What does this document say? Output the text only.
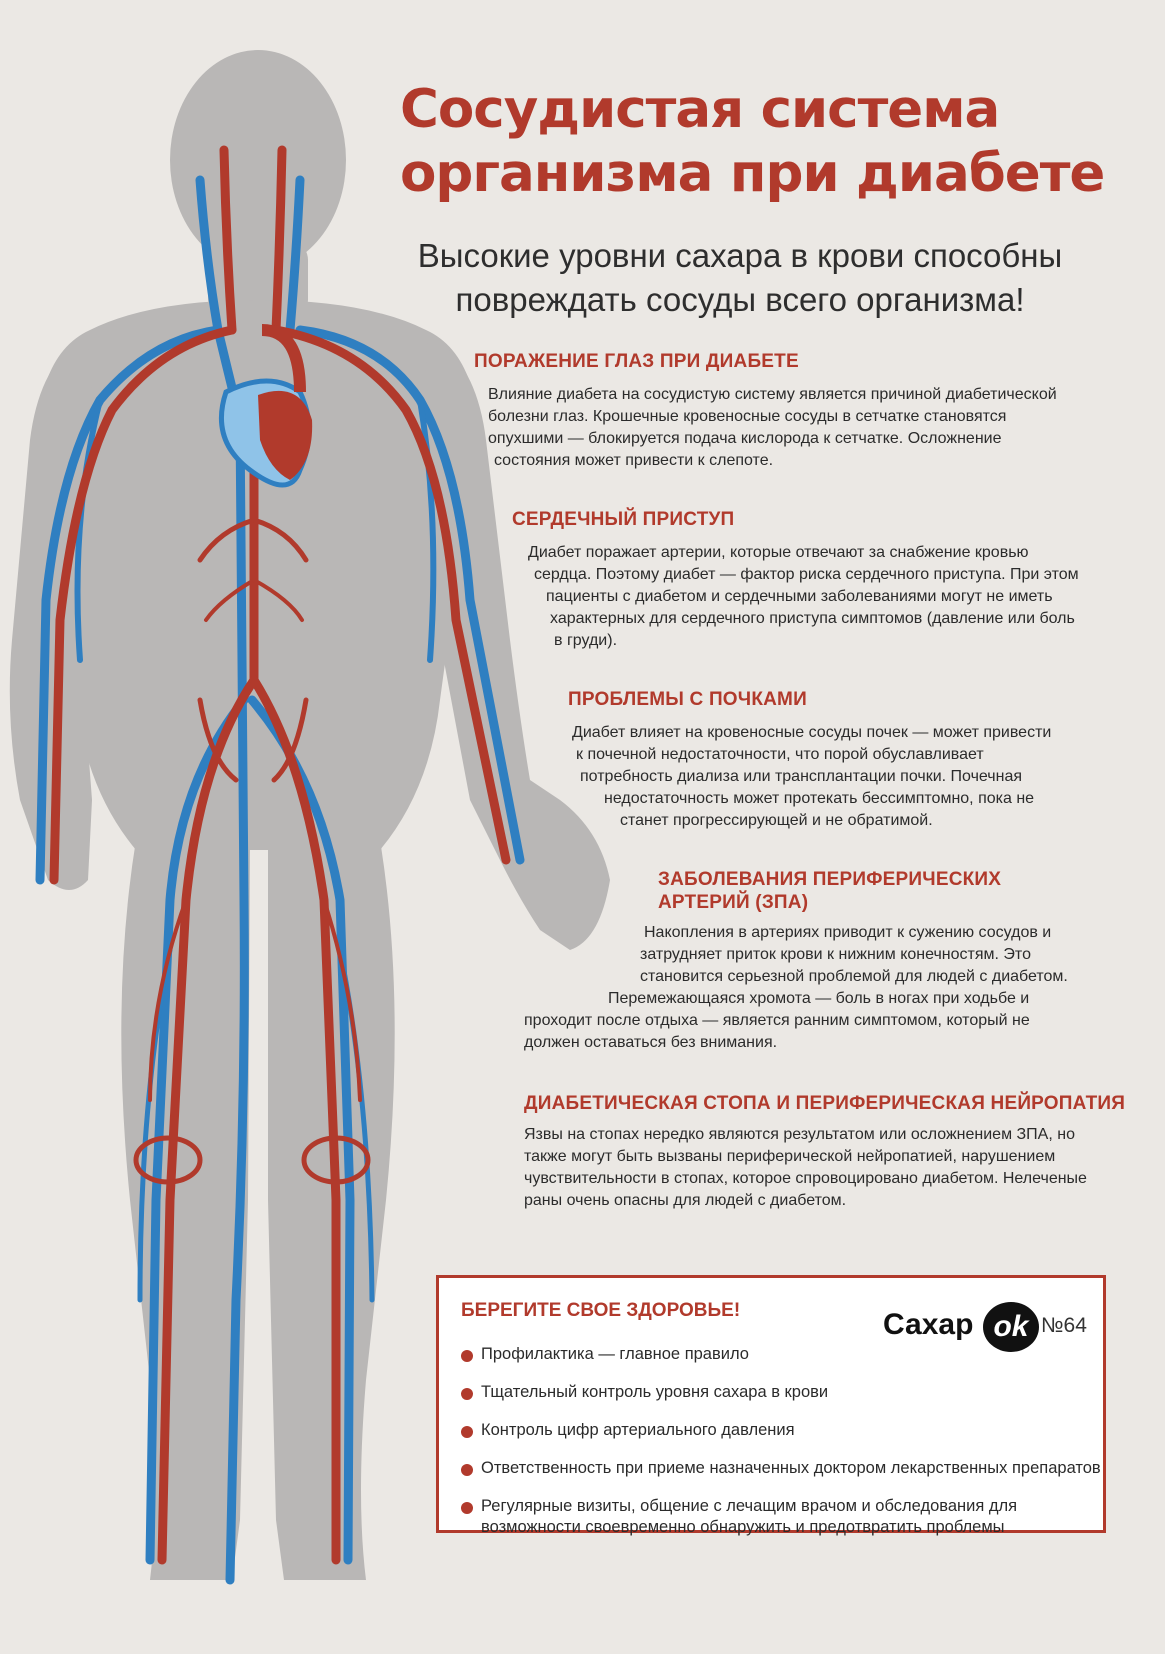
Сосудистая система
организма при диабете

Высокие уровни сахара в крови способны
повреждать сосуды всего организма!

ПОРАЖЕНИЕ ГЛАЗ ПРИ ДИАБЕТЕ

Влияние диабета на сосудистую систему является причиной диабетической
болезни глаз. Крошечные кровеносные сосуды в сетчатке становятся
опухшими — блокируется подача кислорода к сетчатке. Осложнение
состояния может привести к слепоте.

СЕРДЕЧНЫЙ ПРИСТУП

Диабет поражает артерии, которые отвечают за снабжение кровью
сердца. Поэтому диабет — фактор риска сердечного приступа. При этом
пациенты с диабетом и сердечными заболеваниями могут не иметь
характерных для сердечного приступа симптомов (давление или боль
в груди).

ПРОБЛЕМЫ С ПОЧКАМИ

Диабет влияет на кровеносные сосуды почек — может привести
к почечной недостаточности, что порой обуславливает
потребность диализа или трансплантации почки. Почечная
недостаточность может протекать бессимптомно, пока не
станет прогрессирующей и не обратимой.

ЗАБОЛЕВАНИЯ ПЕРИФЕРИЧЕСКИХ
АРТЕРИЙ (ЗПА)

Накопления в артериях приводит к сужению сосудов и
затрудняет приток крови к нижним конечностям. Это
становится серьезной проблемой для людей с диабетом.
Перемежающаяся хромота — боль в ногах при ходьбе и
проходит после отдыха — является ранним симптомом, который не
должен оставаться без внимания.

ДИАБЕТИЧЕСКАЯ СТОПА И ПЕРИФЕРИЧЕСКАЯ НЕЙРОПАТИЯ

Язвы на стопах нередко являются результатом или осложнением ЗПА, но
также могут быть вызваны периферической нейропатией, нарушением
чувствительности в стопах, которое спровоцировано диабетом. Нелеченые
раны очень опасны для людей с диабетом.

БЕРЕГИТЕ СВОЕ ЗДОРОВЬЕ!	Сахар ok №64
Профилактика — главное правило
Тщательный контроль уровня сахара в крови
Контроль цифр артериального давления
Ответственность при приеме назначенных доктором лекарственных препаратов
Регулярные визиты, общение с лечащим врачом и обследования для
возможности своевременно обнаружить и предотвратить проблемы
